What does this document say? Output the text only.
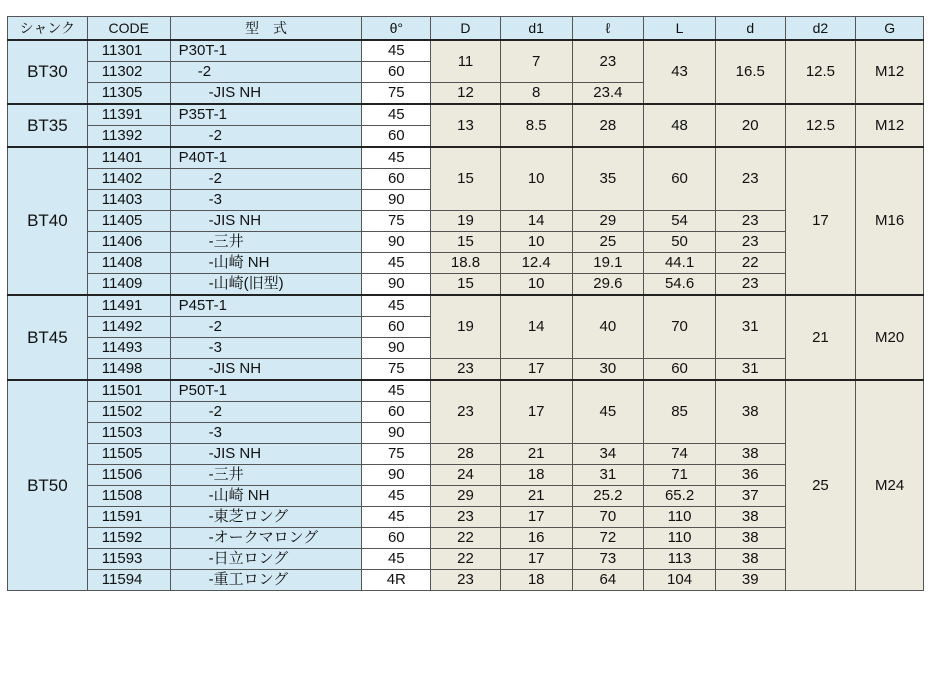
シャンク	CODE	型　式	θ°	D	d1	ℓ	L	d	d2	G
BT30	11301	P30T-1	45	11	7	23	43	16.5	12.5	M12
	11302	　 -2	60							
	11305	　　-JIS NH	75	12	8	23.4				
BT35	11391	P35T-1	45	13	8.5	28	48	20	12.5	M12
	11392	　　-2	60							
BT40	11401	P40T-1	45	15	10	35	60	23	17	M16
	11402	　　-2	60							
	11403	　　-3	90							
	11405	　　-JIS NH	75	19	14	29	54	23		
	11406	　　-三井	90	15	10	25	50	23		
	11408	　　-山崎 NH	45	18.8	12.4	19.1	44.1	22		
	11409	　　-山崎(旧型)	90	15	10	29.6	54.6	23		
BT45	11491	P45T-1	45	19	14	40	70	31	21	M20
	11492	　　-2	60							
	11493	　　-3	90							
	11498	　　-JIS NH	75	23	17	30	60	31		
BT50	11501	P50T-1	45	23	17	45	85	38	25	M24
	11502	　　-2	60							
	11503	　　-3	90							
	11505	　　-JIS NH	75	28	21	34	74	38		
	11506	　　-三井	90	24	18	31	71	36		
	11508	　　-山崎 NH	45	29	21	25.2	65.2	37		
	11591	　　-東芝ロング	45	23	17	70	110	38		
	11592	　　-オークマロング	60	22	16	72	110	38		
	11593	　　-日立ロング	45	22	17	73	113	38		
	11594	　　-重工ロング	4R	23	18	64	104	39		
